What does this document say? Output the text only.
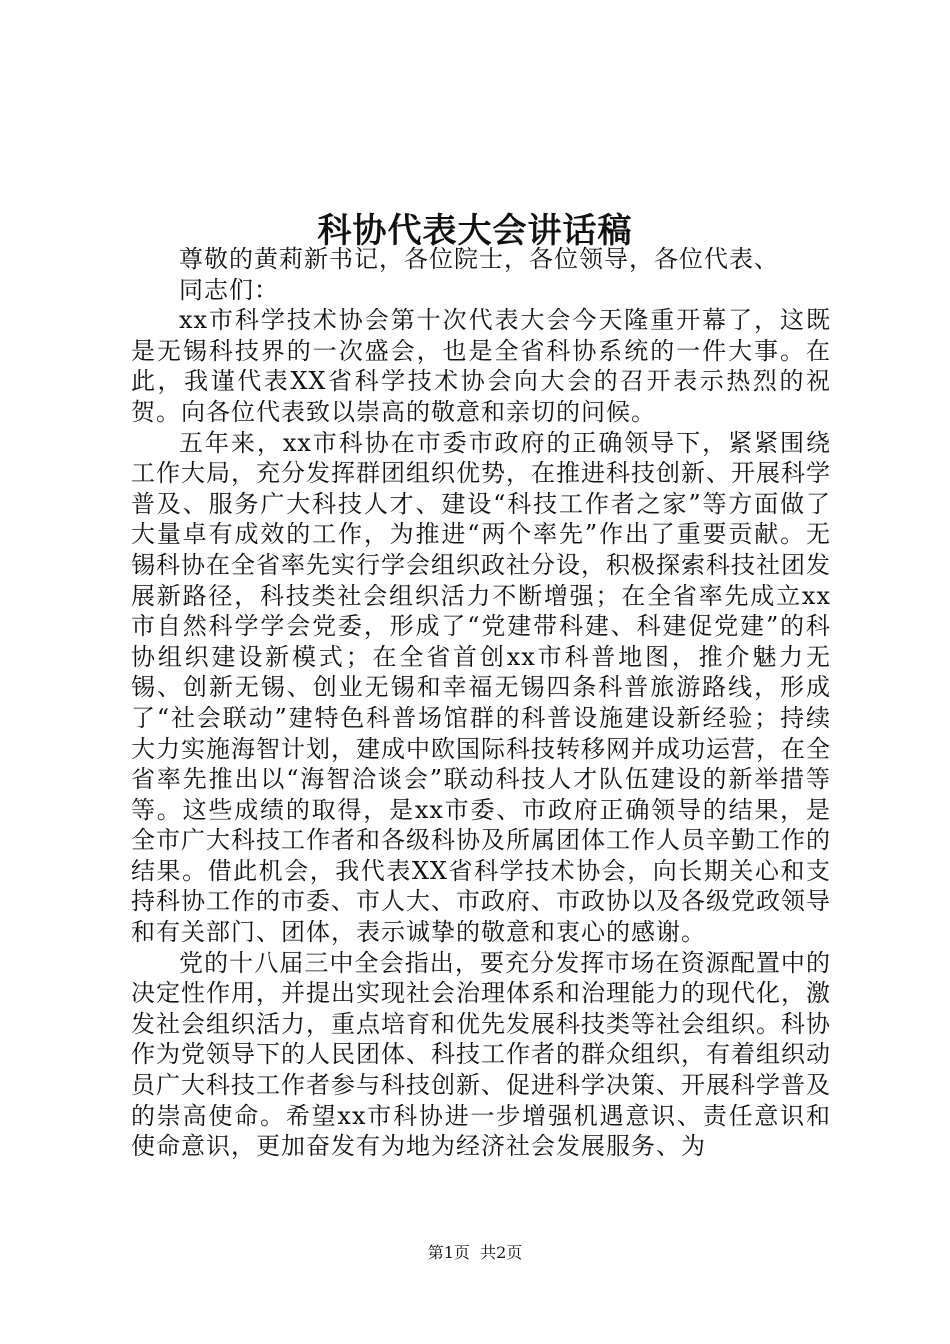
科协代表大会讲话稿

尊敬的黄莉新书记，各位院士，各位领导，各位代表、

同志们：

xx市科学技术协会第十次代表大会今天隆重开幕了，这既是无锡科技界的一次盛会，也是全省科协系统的一件大事。在此，我谨代表XX省科学技术协会向大会的召开表示热烈的祝贺。向各位代表致以崇高的敬意和亲切的问候。

五年来，xx市科协在市委市政府的正确领导下，紧紧围绕工作大局，充分发挥群团组织优势，在推进科技创新、开展科学普及、服务广大科技人才、建设“科技工作者之家”等方面做了大量卓有成效的工作，为推进“两个率先”作出了重要贡献。无锡科协在全省率先实行学会组织政社分设，积极探索科技社团发展新路径，科技类社会组织活力不断增强；在全省率先成立xx市自然科学学会党委，形成了“党建带科建、科建促党建”的科协组织建设新模式；在全省首创xx市科普地图，推介魅力无锡、创新无锡、创业无锡和幸福无锡四条科普旅游路线，形成了“社会联动”建特色科普场馆群的科普设施建设新经验；持续大力实施海智计划，建成中欧国际科技转移网并成功运营，在全省率先推出以“海智洽谈会”联动科技人才队伍建设的新举措等等。这些成绩的取得，是xx市委、市政府正确领导的结果，是全市广大科技工作者和各级科协及所属团体工作人员辛勤工作的结果。借此机会，我代表XX省科学技术协会，向长期关心和支持科协工作的市委、市人大、市政府、市政协以及各级党政领导和有关部门、团体，表示诚挚的敬意和衷心的感谢。

党的十八届三中全会指出，要充分发挥市场在资源配置中的决定性作用，并提出实现社会治理体系和治理能力的现代化，激发社会组织活力，重点培育和优先发展科技类等社会组织。科协作为党领导下的人民团体、科技工作者的群众组织，有着组织动员广大科技工作者参与科技创新、促进科学决策、开展科学普及的崇高使命。希望xx市科协进一步增强机遇意识、责任意识和使命意识，更加奋发有为地为经济社会发展服务、为

第1页  共2页
